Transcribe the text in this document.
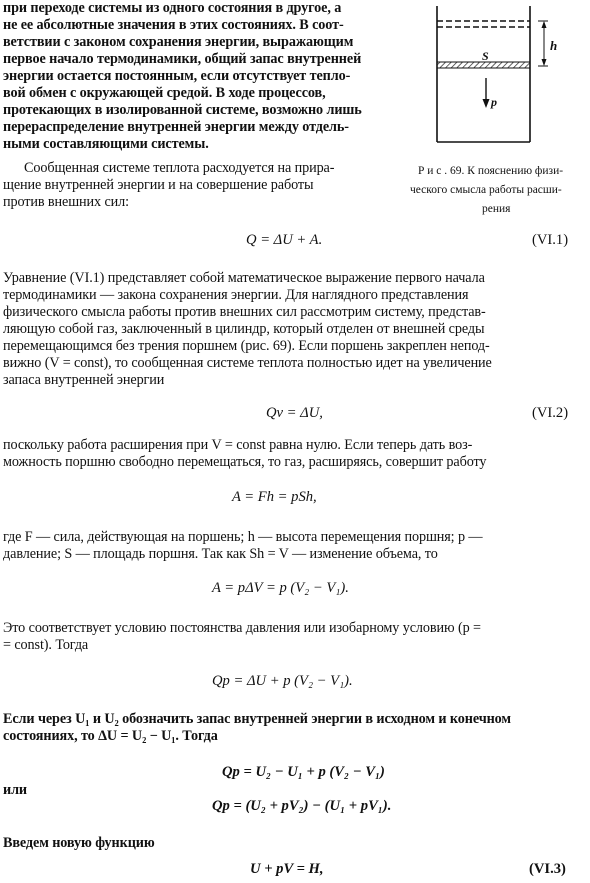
при переходе системы из одного состояния в другое, а
не ее абсолютные значения в этих состояниях. В соот-
ветствии с законом сохранения энергии, выражающим
первое начало термодинамики, общий запас внутренней
энергии остается постоянным, если отсутствует тепло-
вой обмен с окружающей средой. В ходе процессов,
протекающих в изолированной системе, возможно лишь
перераспределение внутренней энергии между отдель-
ными составляющими системы.
Сообщенная системе теплота расходуется на прира-
щение внутренней энергии и на совершение работы
против внешних сил:
h
S
p
Р и с . 69. К пояснению физи-
ческого смысла работы расши-
рения
Q = ΔU + A.	(VI.1)
Уравнение (VI.1) представляет собой математическое выражение первого начала
термодинамики — закона сохранения энергии. Для наглядного представления
физического смысла работы против внешних сил рассмотрим систему, представ-
ляющую собой газ, заключенный в цилиндр, который отделен от внешней среды
перемещающимся без трения поршнем (рис. 69). Если поршень закреплен непод-
вижно (V = const), то сообщенная системе теплота полностью идет на увеличение
запаса внутренней энергии
Qv = ΔU,	(VI.2)
поскольку работа расширения при V = const равна нулю. Если теперь дать воз-
можность поршню свободно перемещаться, то газ, расширяясь, совершит работу
A = Fh = pSh,
где F — сила, действующая на поршень; h — высота перемещения поршня; p —
давление; S — площадь поршня. Так как Sh = V — изменение объема, то
A = pΔV = p (V₂ − V₁).
Это соответствует условию постоянства давления или изобарному условию (p =
= const). Тогда
Qp = ΔU + p (V₂ − V₁).
Если через U₁ и U₂ обозначить запас внутренней энергии в исходном и конечном
состояниях, то ΔU = U₂ − U₁. Тогда
Qp = U₂ − U₁ + p (V₂ − V₁)
или
Qp = (U₂ + pV₂) − (U₁ + pV₁).
Введем новую функцию
U + pV = H,	(VI.3)
